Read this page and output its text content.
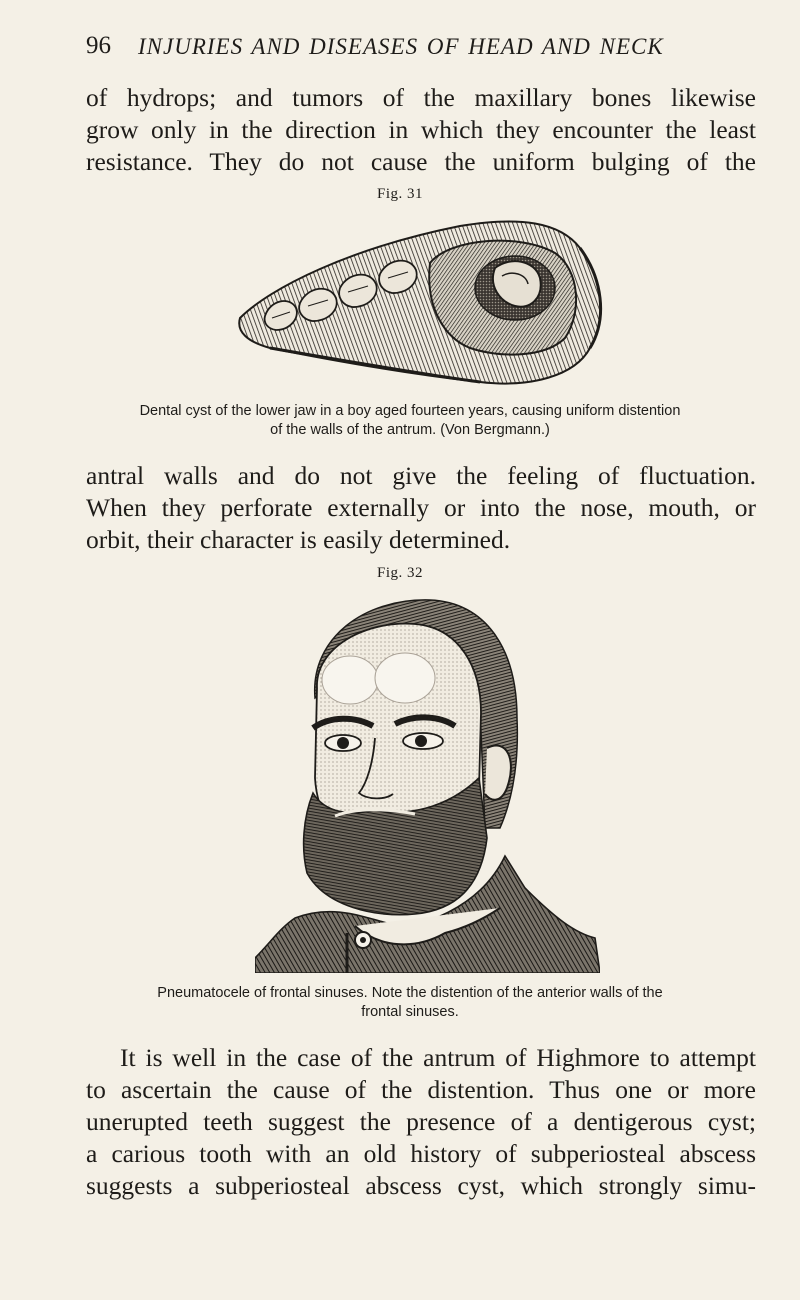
96 INJURIES AND DISEASES OF HEAD AND NECK
of hydrops; and tumors of the maxillary bones likewise
grow only in the direction in which they encounter the least
resistance. They do not cause the uniform bulging of the
Fig. 31
Dental cyst of the lower jaw in a boy aged fourteen years, causing uniform distention
of the walls of the antrum. (Von Bergmann.)
antral walls and do not give the feeling of fluctuation.
When they perforate externally or into the nose, mouth, or
orbit, their character is easily determined.
Fig. 32
Pneumatocele of frontal sinuses. Note the distention of the anterior walls of the
frontal sinuses.
It is well in the case of the antrum of Highmore to attempt
to ascertain the cause of the distention. Thus one or more
unerupted teeth suggest the presence of a dentigerous cyst;
a carious tooth with an old history of subperiosteal abscess
suggests a subperiosteal abscess cyst, which strongly simu-
